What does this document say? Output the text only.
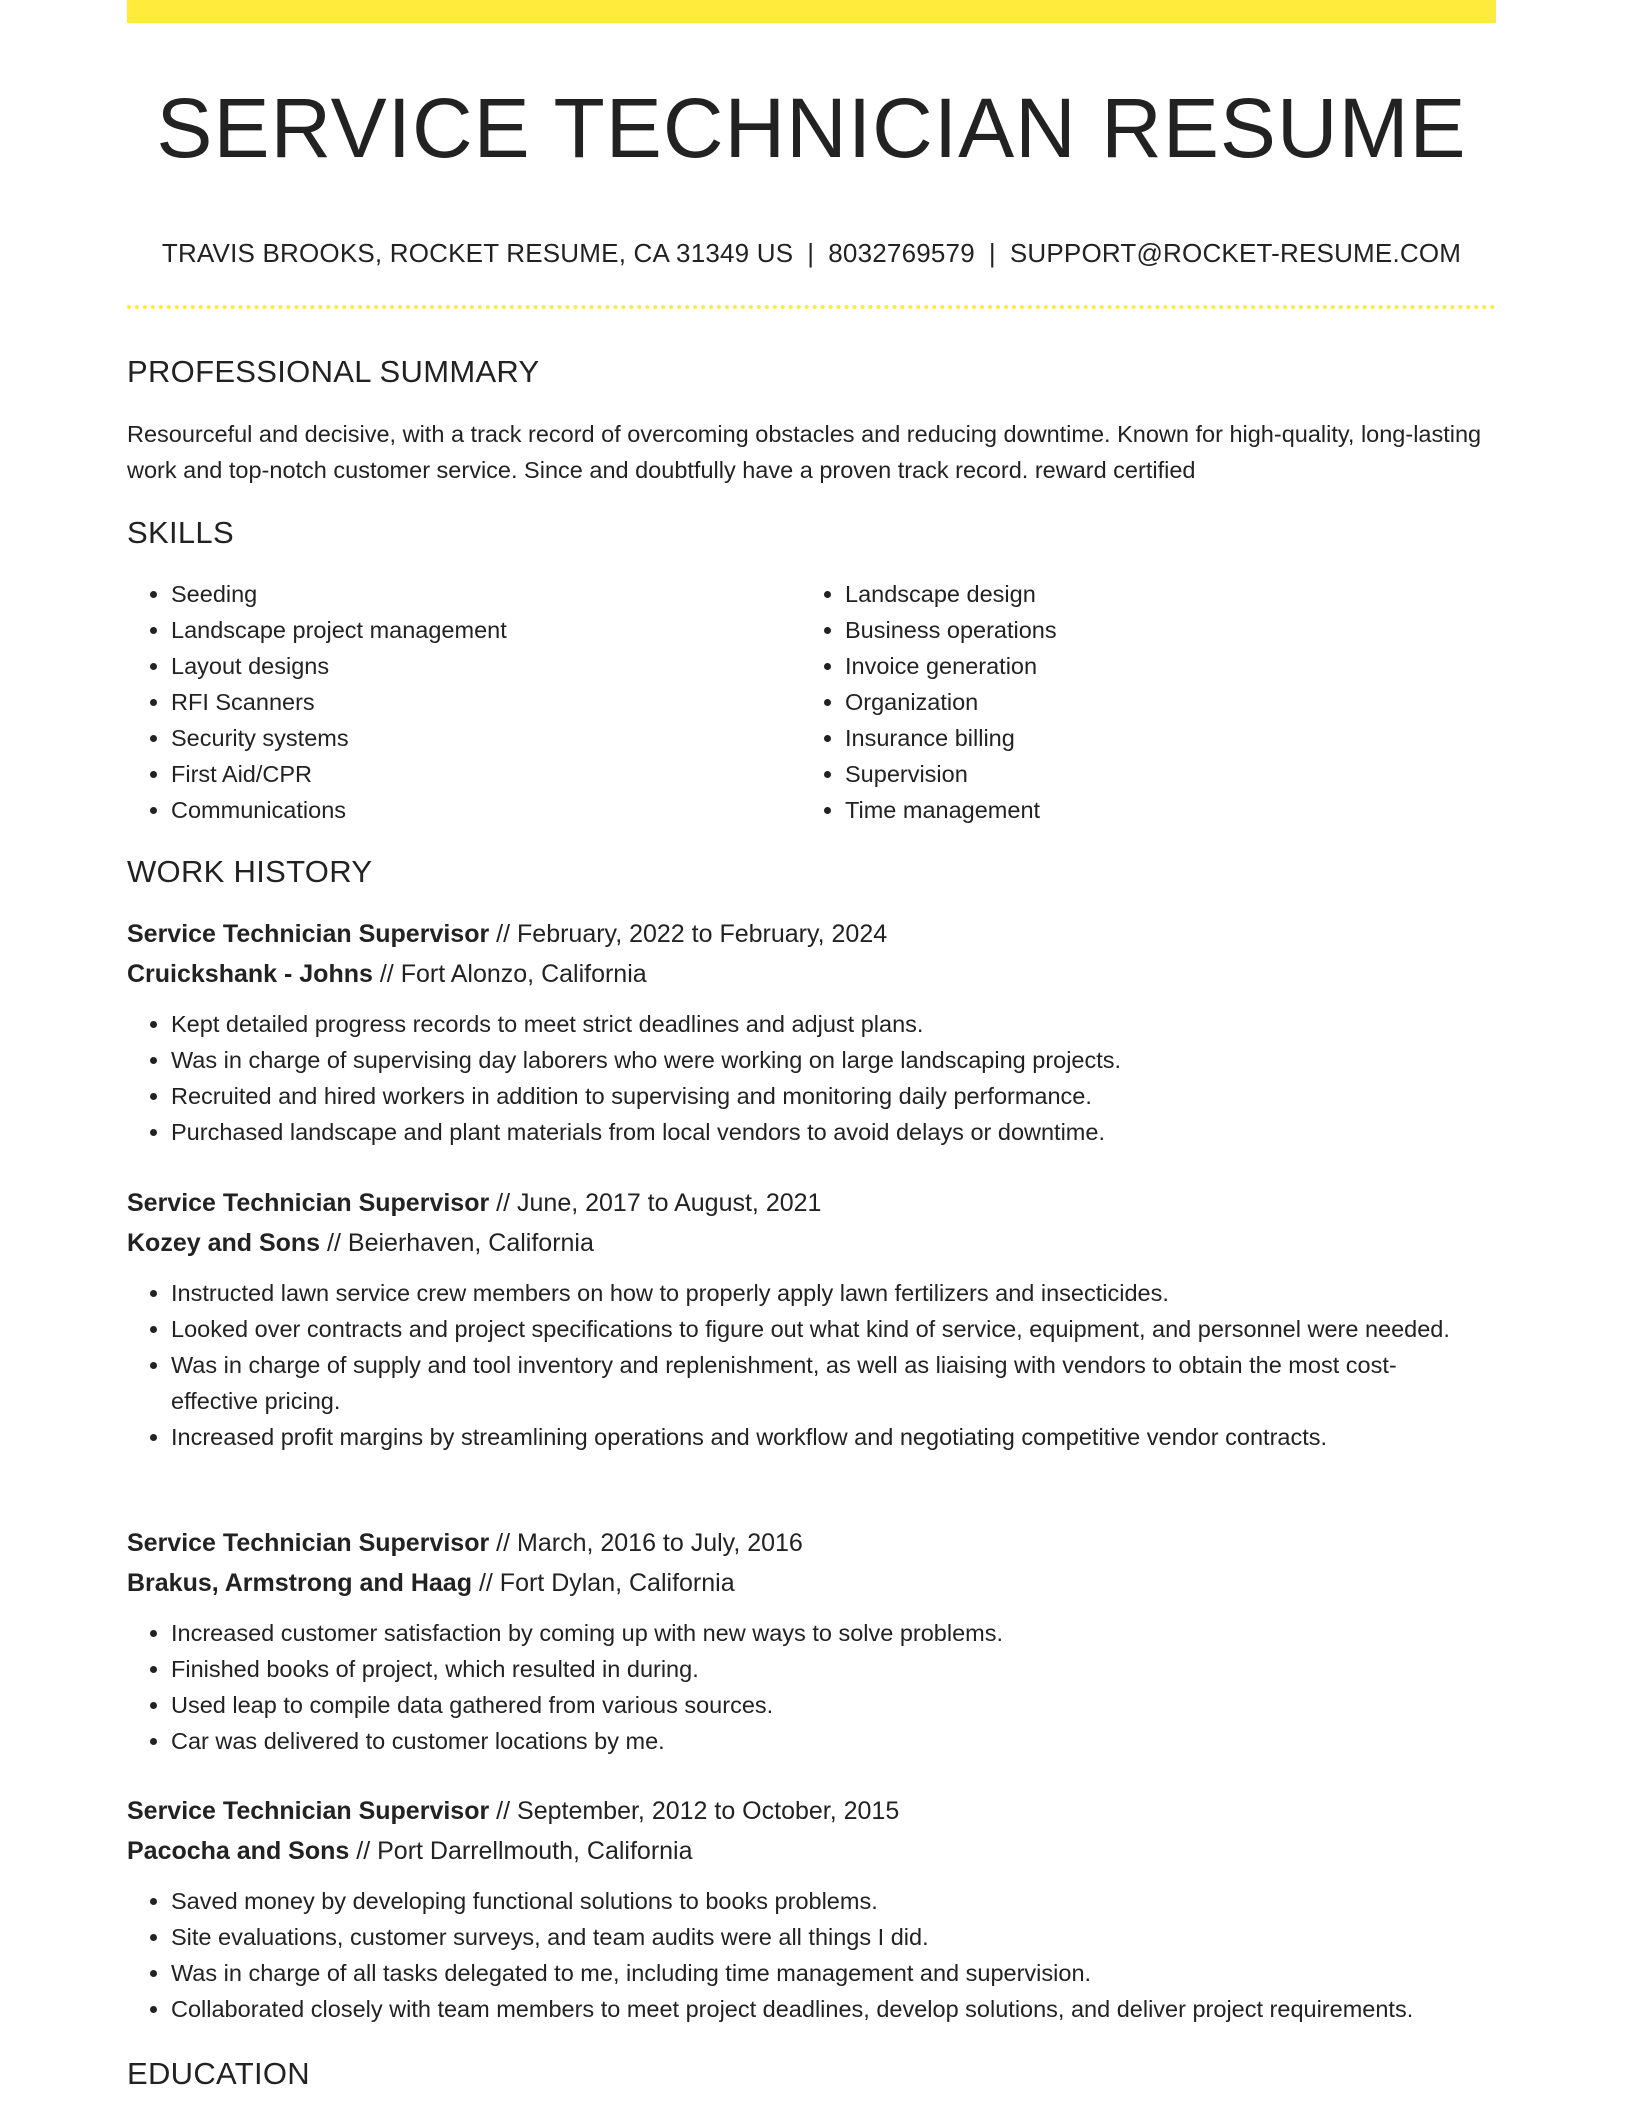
SERVICE TECHNICIAN RESUME
TRAVIS BROOKS, ROCKET RESUME, CA 31349 US | 8032769579 | SUPPORT@ROCKET-RESUME.COM
PROFESSIONAL SUMMARY

Resourceful and decisive, with a track record of overcoming obstacles and reducing downtime. Known for high-quality, long-lasting work and top-notch customer service. Since and doubtfully have a proven track record. reward certified

SKILLS
• Seeding
• Landscape project management
• Layout designs
• RFI Scanners
• Security systems
• First Aid/CPR
• Communications
• Landscape design
• Business operations
• Invoice generation
• Organization
• Insurance billing
• Supervision
• Time management
WORK HISTORY
Service Technician Supervisor // February, 2022 to February, 2024
Cruickshank - Johns // Fort Alonzo, California
• Kept detailed progress records to meet strict deadlines and adjust plans.
• Was in charge of supervising day laborers who were working on large landscaping projects.
• Recruited and hired workers in addition to supervising and monitoring daily performance.
• Purchased landscape and plant materials from local vendors to avoid delays or downtime.
Service Technician Supervisor // June, 2017 to August, 2021
Kozey and Sons // Beierhaven, California
• Instructed lawn service crew members on how to properly apply lawn fertilizers and insecticides.
• Looked over contracts and project specifications to figure out what kind of service, equipment, and personnel were needed.
• Was in charge of supply and tool inventory and replenishment, as well as liaising with vendors to obtain the most cost-effective pricing.
• Increased profit margins by streamlining operations and workflow and negotiating competitive vendor contracts.
Service Technician Supervisor // March, 2016 to July, 2016
Brakus, Armstrong and Haag // Fort Dylan, California
• Increased customer satisfaction by coming up with new ways to solve problems.
• Finished books of project, which resulted in during.
• Used leap to compile data gathered from various sources.
• Car was delivered to customer locations by me.
Service Technician Supervisor // September, 2012 to October, 2015
Pacocha and Sons // Port Darrellmouth, California
• Saved money by developing functional solutions to books problems.
• Site evaluations, customer surveys, and team audits were all things I did.
• Was in charge of all tasks delegated to me, including time management and supervision.
• Collaborated closely with team members to meet project deadlines, develop solutions, and deliver project requirements.
EDUCATION
